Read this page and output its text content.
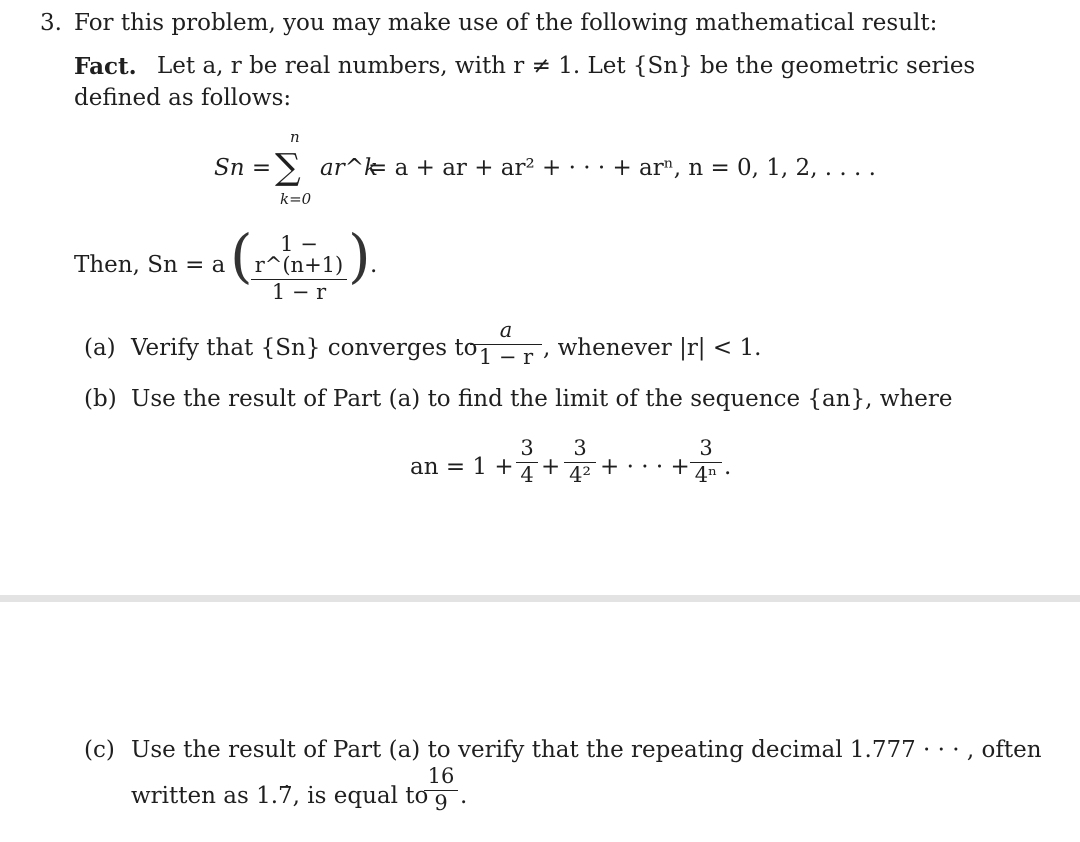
3. For this problem, you may make use of the following mathematical result:
Fact. Let a, r be real numbers, with r ≠ 1. Let {Sn} be the geometric series
defined as follows:
Sn =
n
∑
k=0
ar^k
= a + ar + ar² + · · · + arⁿ, n = 0, 1, 2, . . . .
Then, Sn = a (	1 − r^(n+1)
1 − r
) .
(a) Verify that {Sn} converges to
a
1 − r , whenever |r| < 1.
(b) Use the result of Part (a) to find the limit of the sequence {an}, where
an = 1 +
3
4 +
3
4² + · · · +
3
4ⁿ .
(c) Use the result of Part (a) to verify that the repeating decimal 1.777 · · · , often
written as 1.7̇, is equal to
16
9 .
